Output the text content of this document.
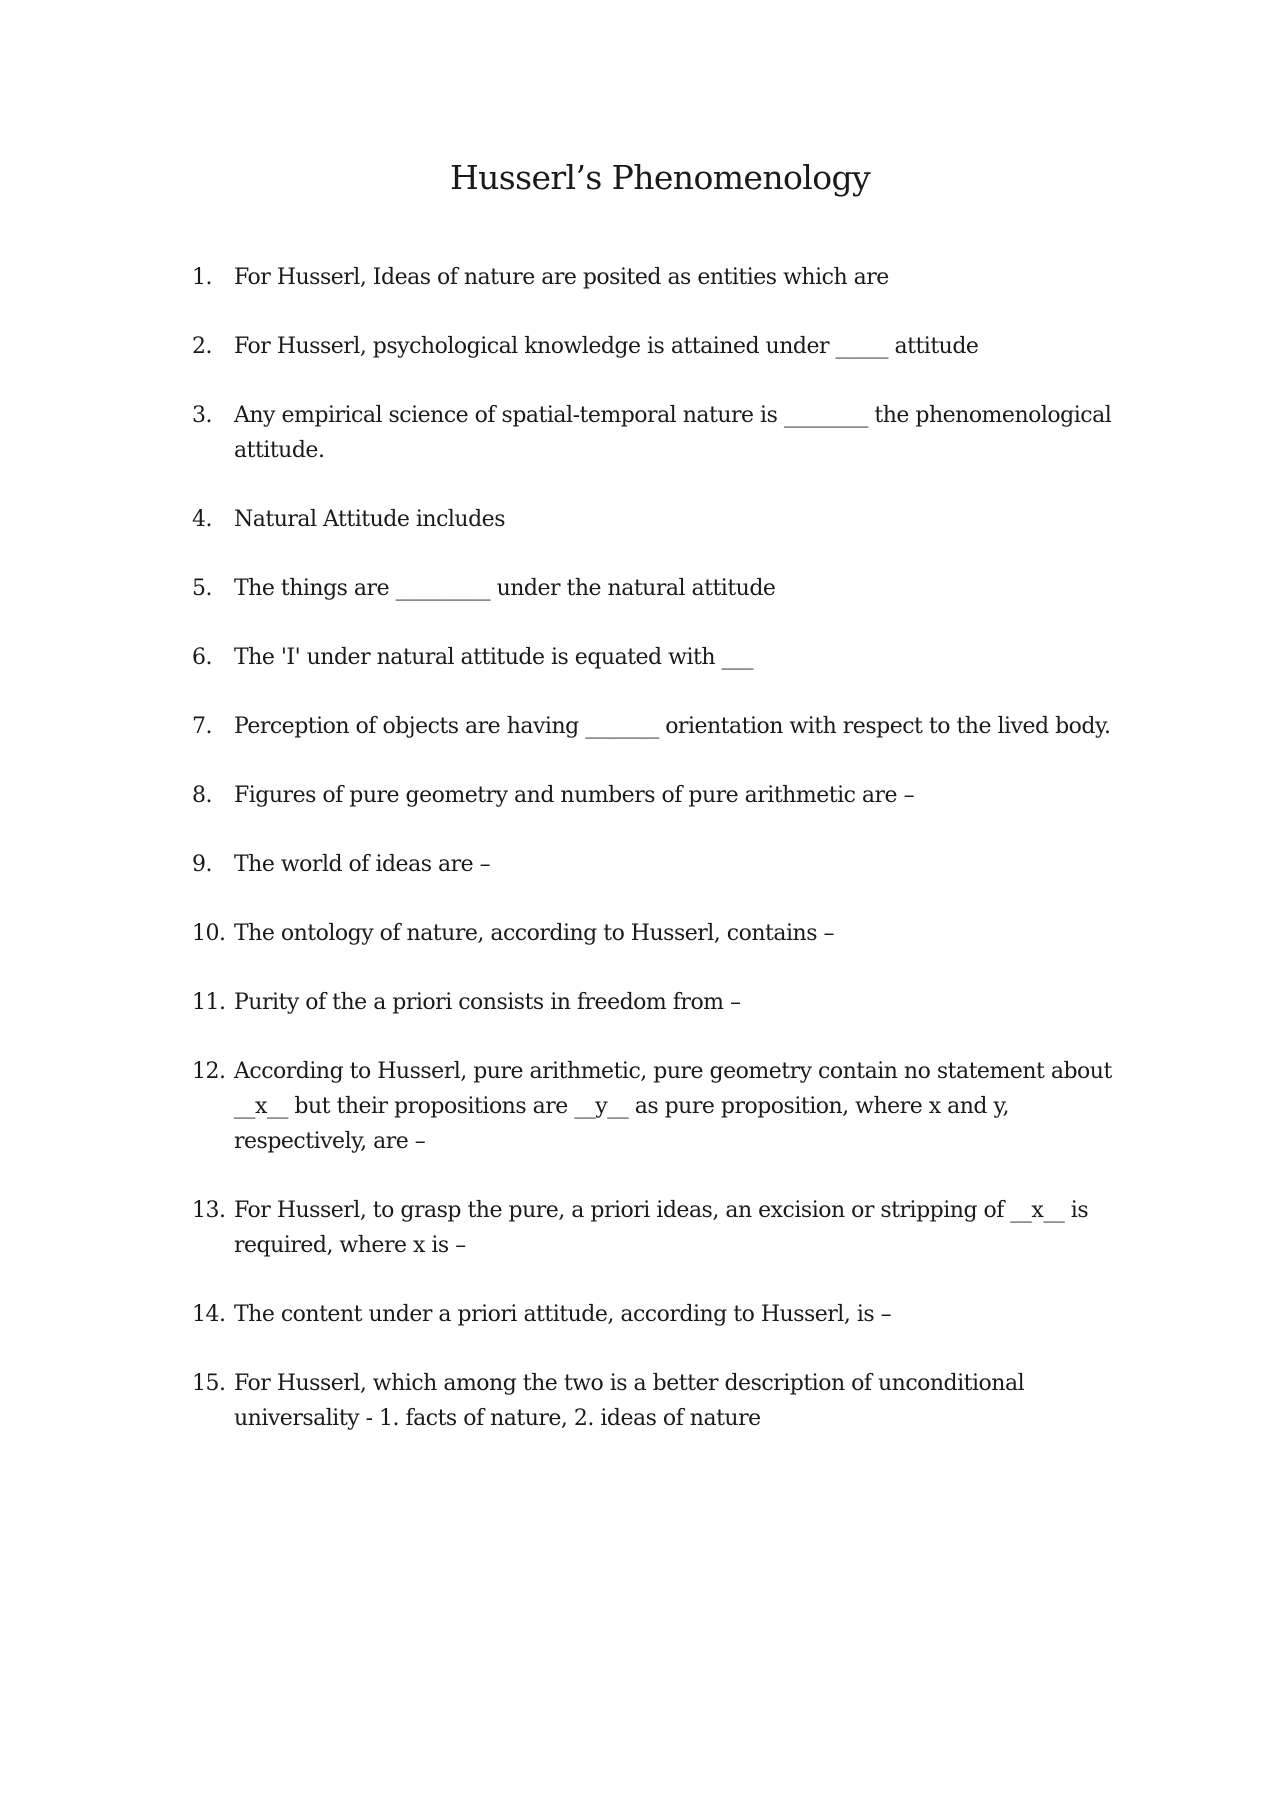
Husserl’s Phenomenology
1. For Husserl, Ideas of nature are posited as entities which are
2. For Husserl, psychological knowledge is attained under _____ attitude
3. Any empirical science of spatial-temporal nature is ________ the phenomenological attitude.
4. Natural Attitude includes
5. The things are _________ under the natural attitude
6. The 'I' under natural attitude is equated with ___
7. Perception of objects are having _______ orientation with respect to the lived body.
8. Figures of pure geometry and numbers of pure arithmetic are –
9. The world of ideas are –
10. The ontology of nature, according to Husserl, contains –
11. Purity of the a priori consists in freedom from –
12. According to Husserl, pure arithmetic, pure geometry contain no statement about __x__ but their propositions are __y__ as pure proposition, where x and y, respectively, are –
13. For Husserl, to grasp the pure, a priori ideas, an excision or stripping of __x__ is required, where x is –
14. The content under a priori attitude, according to Husserl, is –
15. For Husserl, which among the two is a better description of unconditional universality - 1. facts of nature, 2. ideas of nature
